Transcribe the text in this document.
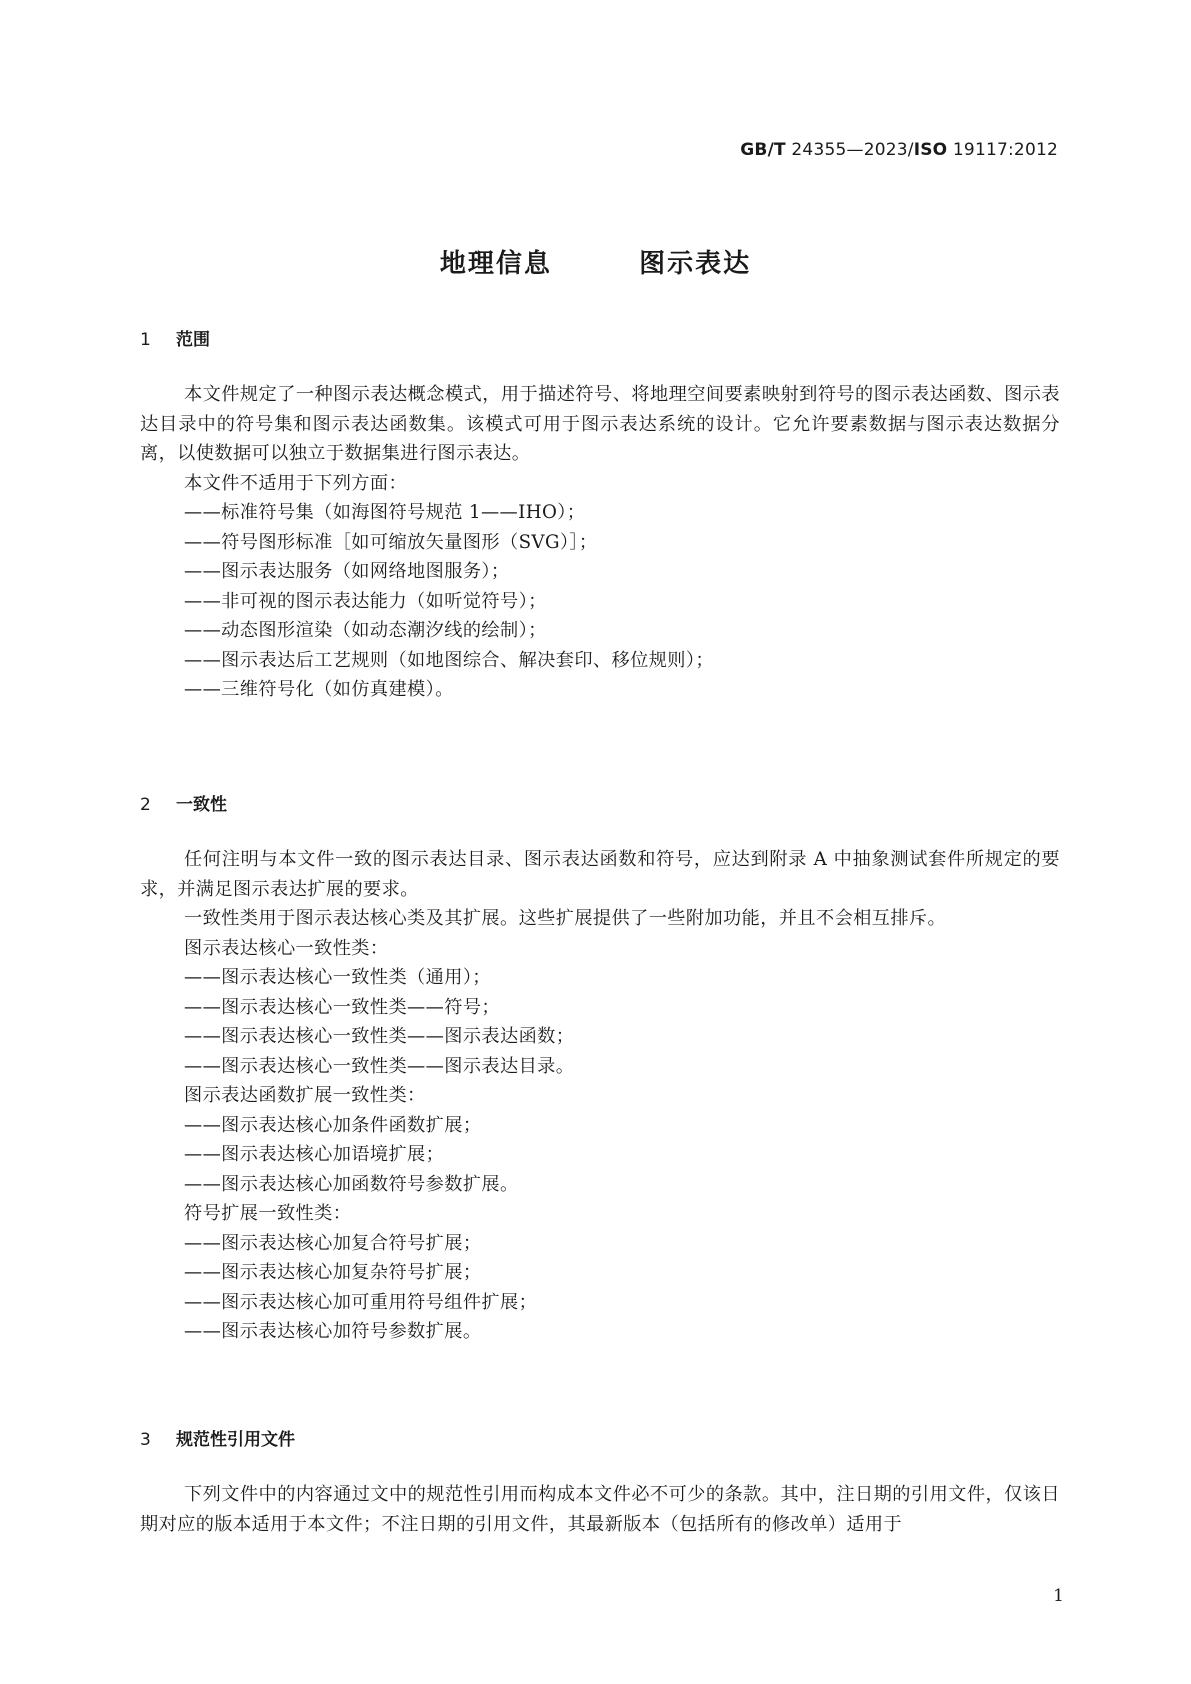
GB/T 24355—2023/ISO 19117:2012
地理信息   图示表达
1 范围

本文件规定了一种图示表达概念模式，用于描述符号、将地理空间要素映射到符号的图示表达函数、图示表达目录中的符号集和图示表达函数集。该模式可用于图示表达系统的设计。它允许要素数据与图示表达数据分离，以使数据可以独立于数据集进行图示表达。

本文件不适用于下列方面：

——标准符号集（如海图符号规范 1——IHO）；

——符号图形标准［如可缩放矢量图形（SVG）］；

——图示表达服务（如网络地图服务）；

——非可视的图示表达能力（如听觉符号）；

——动态图形渲染（如动态潮汐线的绘制）；

——图示表达后工艺规则（如地图综合、解决套印、移位规则）；

——三维符号化（如仿真建模）。

2 一致性

任何注明与本文件一致的图示表达目录、图示表达函数和符号，应达到附录 A 中抽象测试套件所规定的要求，并满足图示表达扩展的要求。

一致性类用于图示表达核心类及其扩展。这些扩展提供了一些附加功能，并且不会相互排斥。

图示表达核心一致性类：

——图示表达核心一致性类（通用）；

——图示表达核心一致性类——符号；

——图示表达核心一致性类——图示表达函数；

——图示表达核心一致性类——图示表达目录。

图示表达函数扩展一致性类：

——图示表达核心加条件函数扩展；

——图示表达核心加语境扩展；

——图示表达核心加函数符号参数扩展。

符号扩展一致性类：

——图示表达核心加复合符号扩展；

——图示表达核心加复杂符号扩展；

——图示表达核心加可重用符号组件扩展；

——图示表达核心加符号参数扩展。

3 规范性引用文件

下列文件中的内容通过文中的规范性引用而构成本文件必不可少的条款。其中，注日期的引用文件，仅该日期对应的版本适用于本文件；不注日期的引用文件，其最新版本（包括所有的修改单）适用于

1
